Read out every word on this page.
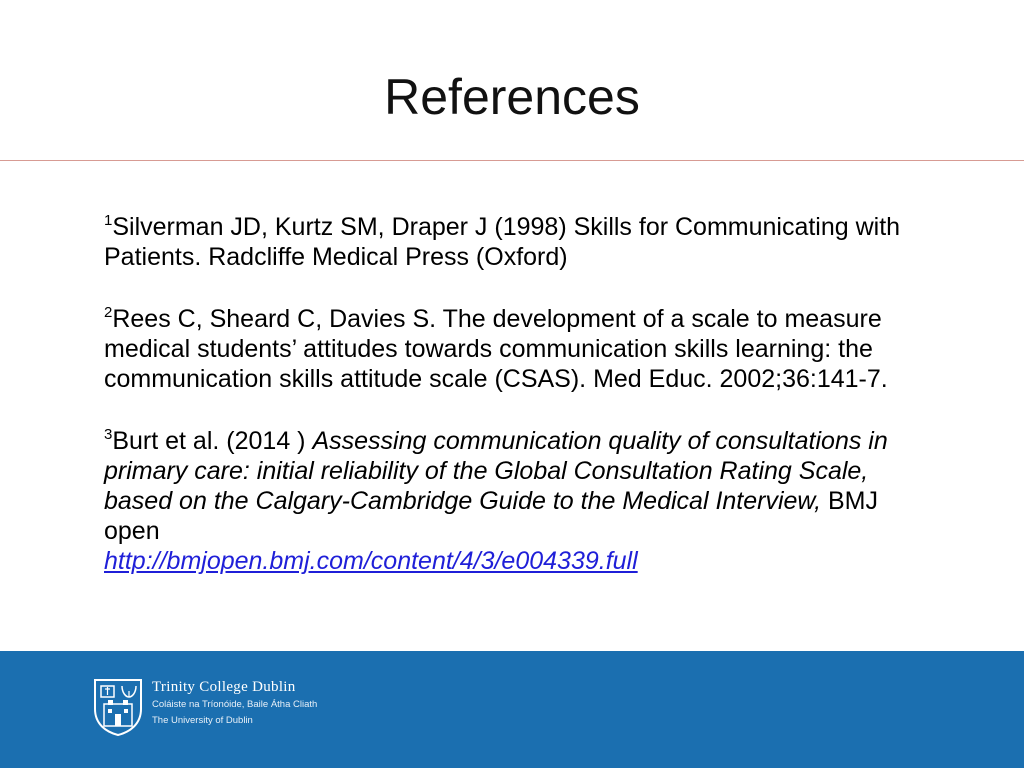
References

$^1$Silverman JD, Kurtz SM, Draper J (1998) Skills for Communicating with Patients. Radcliffe Medical Press (Oxford)

$^2$Rees C, Sheard C, Davies S. The development of a scale to measure medical students’ attitudes towards communication skills learning: the communication skills attitude scale (CSAS). Med Educ. 2002;36:141-7.

$^3$Burt et al. (2014 ) Assessing communication quality of consultations in primary care: initial reliability of the Global Consultation Rating Scale, based on the Calgary-Cambridge Guide to the Medical Interview, BMJ open
http://bmjopen.bmj.com/content/4/3/e004339.full

Trinity College Dublin
Coláiste na Tríonóide, Baile Átha Cliath
The University of Dublin
